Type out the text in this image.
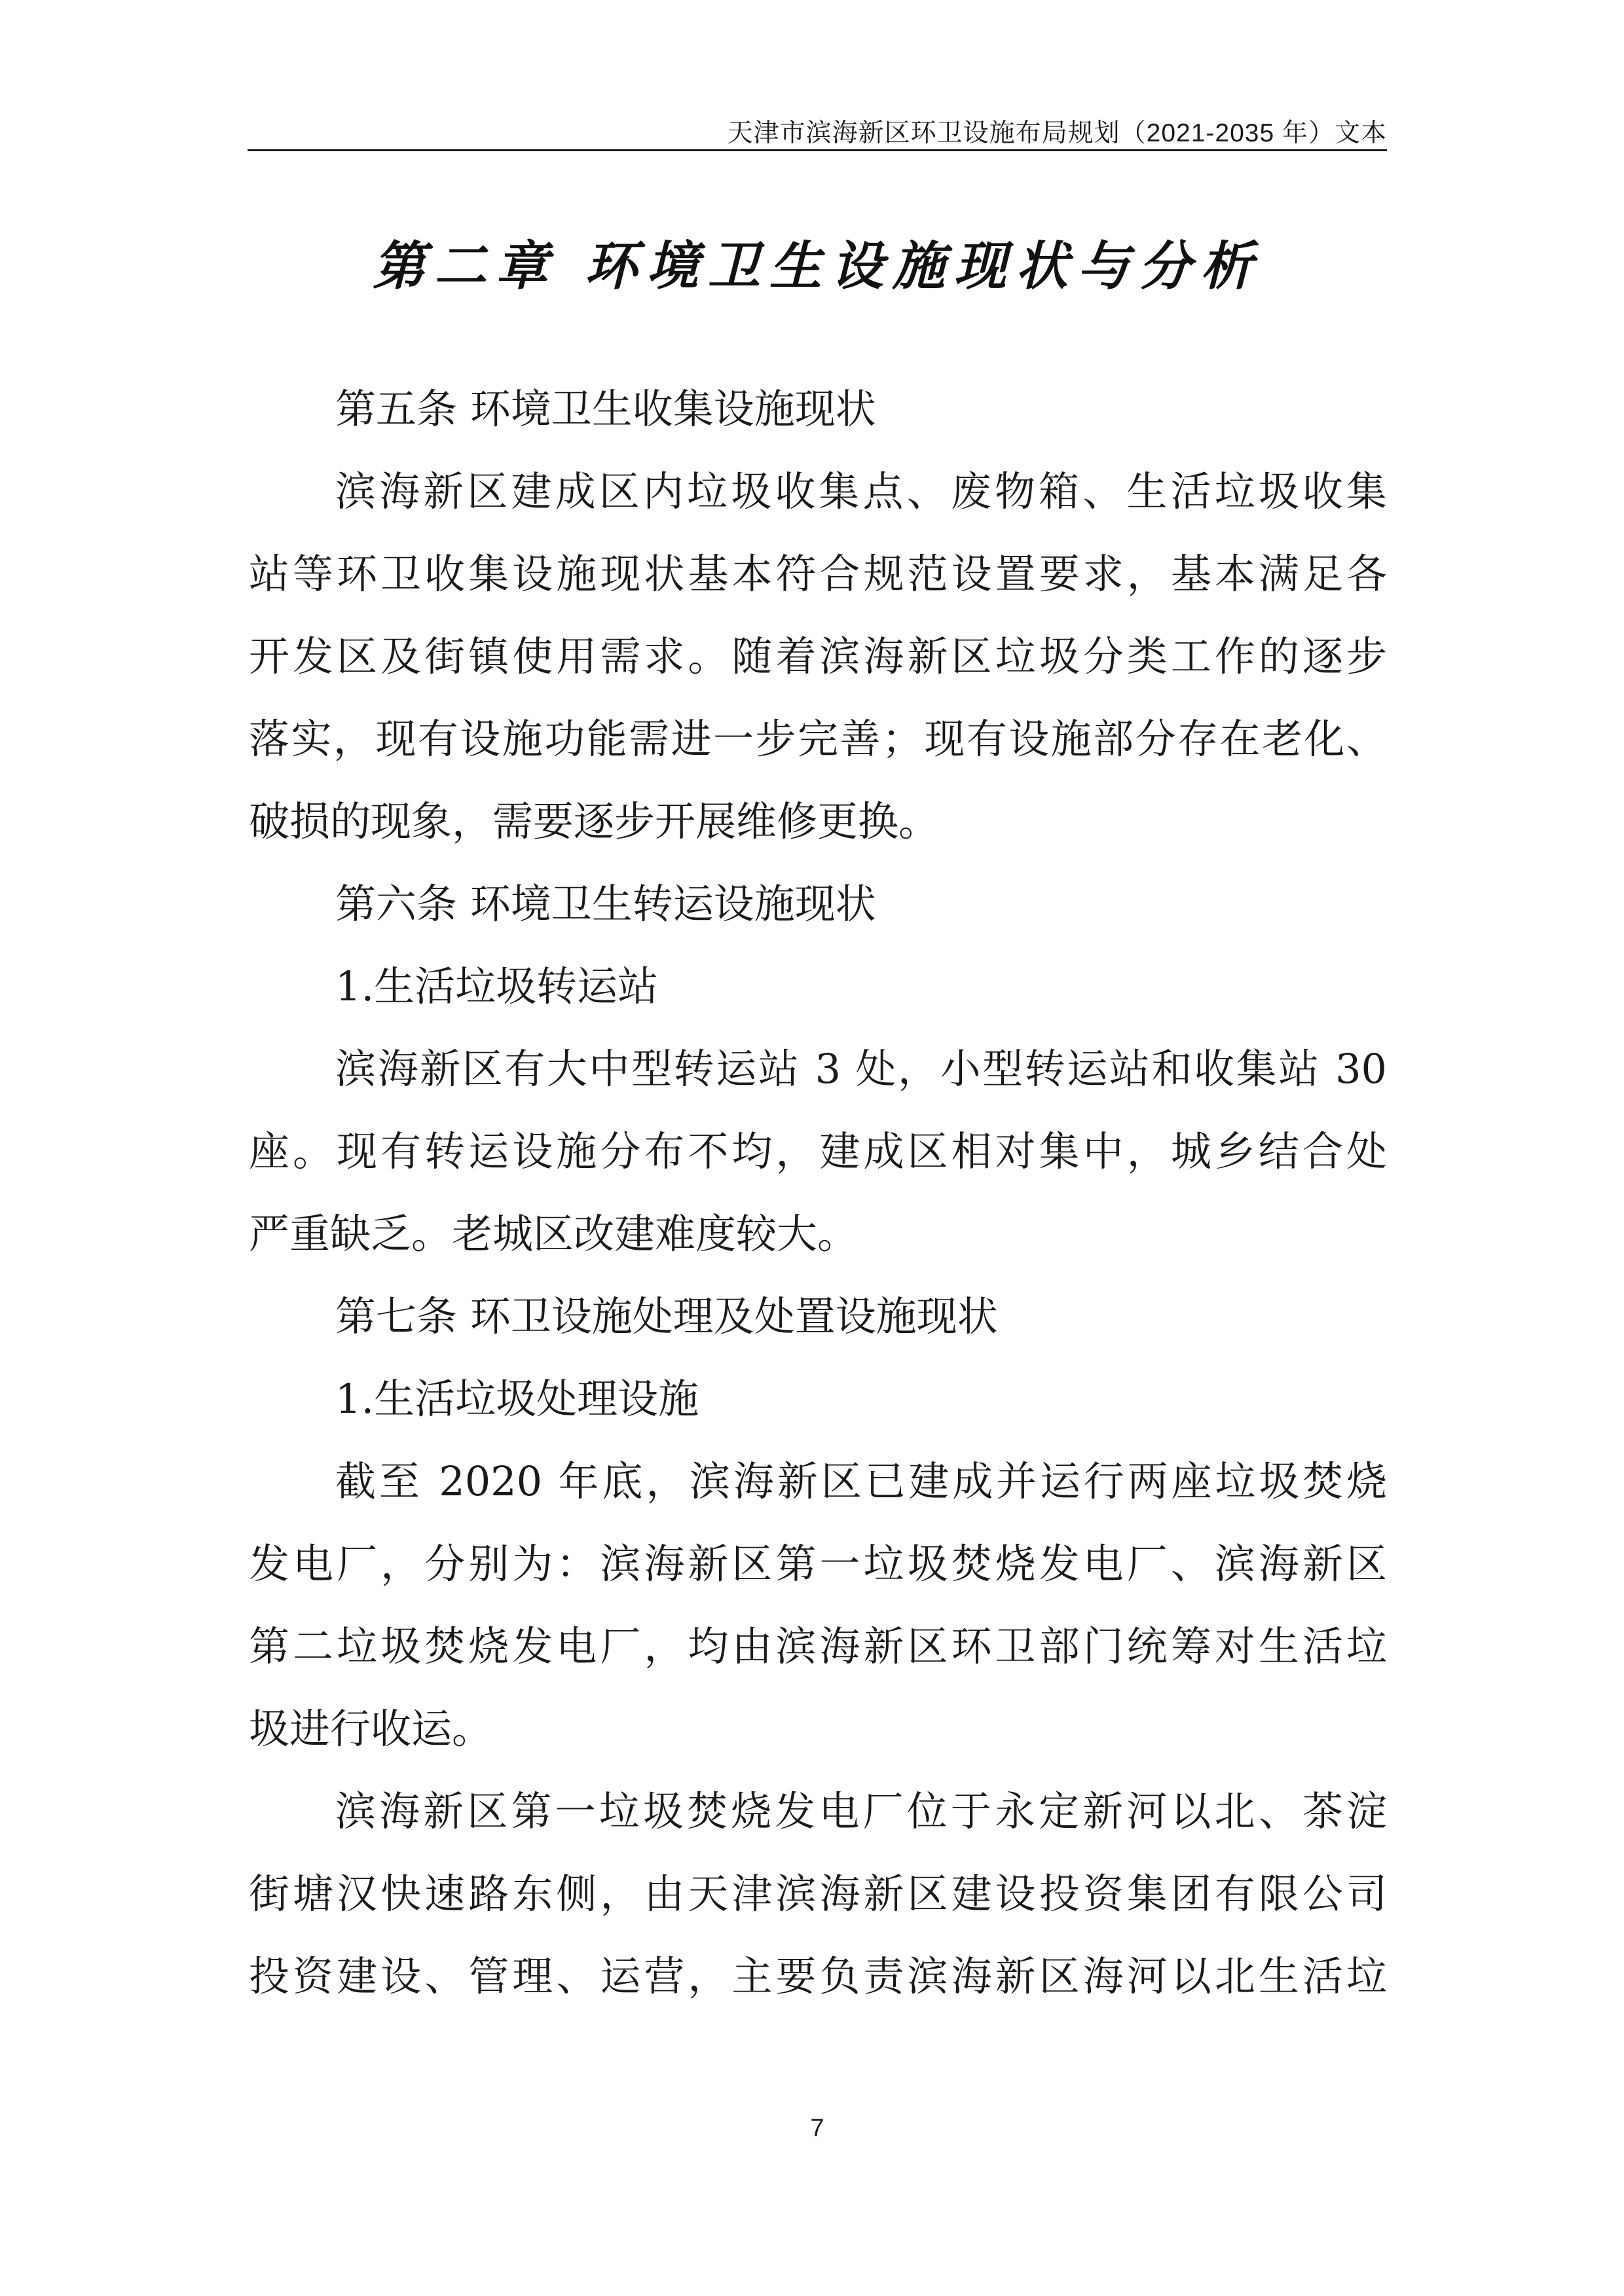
天津市滨海新区环卫设施布局规划（2021-2035 年）文本
第二章 环境卫生设施现状与分析
第五条 环境卫生收集设施现状
滨海新区建成区内垃圾收集点、废物箱、生活垃圾收集
站等环卫收集设施现状基本符合规范设置要求，基本满足各
开发区及街镇使用需求。随着滨海新区垃圾分类工作的逐步
落实，现有设施功能需进一步完善；现有设施部分存在老化、
破损的现象，需要逐步开展维修更换。
第六条 环境卫生转运设施现状
1.生活垃圾转运站
滨海新区有大中型转运站 3 处，小型转运站和收集站 30
座。现有转运设施分布不均，建成区相对集中，城乡结合处
严重缺乏。老城区改建难度较大。
第七条 环卫设施处理及处置设施现状
1.生活垃圾处理设施
截至 2020 年底，滨海新区已建成并运行两座垃圾焚烧
发电厂，分别为：滨海新区第一垃圾焚烧发电厂、滨海新区
第二垃圾焚烧发电厂，均由滨海新区环卫部门统筹对生活垃
圾进行收运。
滨海新区第一垃圾焚烧发电厂位于永定新河以北、茶淀
街塘汉快速路东侧，由天津滨海新区建设投资集团有限公司
投资建设、管理、运营，主要负责滨海新区海河以北生活垃
7
